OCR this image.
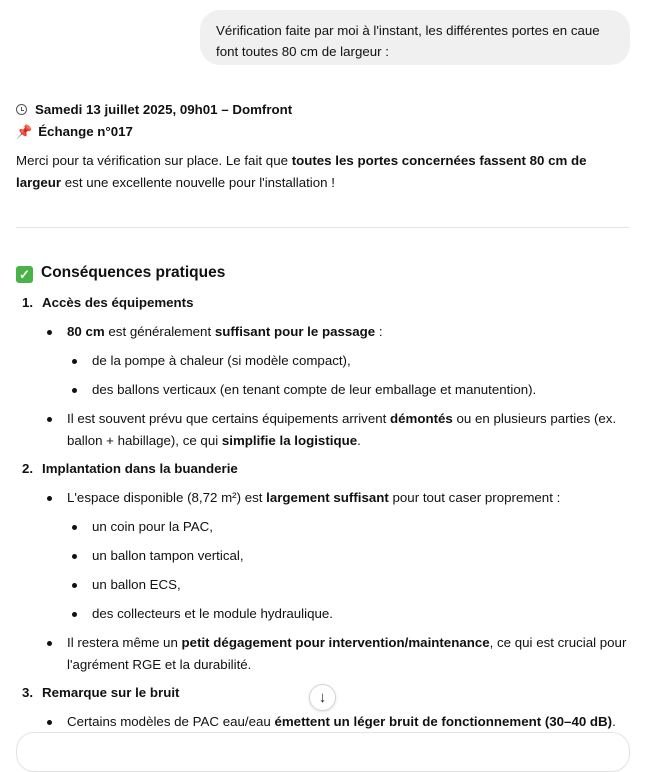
Vérification faite par moi à l'instant, les différentes portes en caue font toutes 80 cm de largeur :
Samedi 13 juillet 2025, 09h01 – Domfront
📌 Échange n°017
Merci pour ta vérification sur place. Le fait que toutes les portes concernées fassent 80 cm de largeur est une excellente nouvelle pour l'installation !
✓ Conséquences pratiques
1. Accès des équipements
80 cm est généralement suffisant pour le passage :
de la pompe à chaleur (si modèle compact),
des ballons verticaux (en tenant compte de leur emballage et manutention).
Il est souvent prévu que certains équipements arrivent démontés ou en plusieurs parties (ex. ballon + habillage), ce qui simplifie la logistique.
2. Implantation dans la buanderie
L'espace disponible (8,72 m²) est largement suffisant pour tout caser proprement :
un coin pour la PAC,
un ballon tampon vertical,
un ballon ECS,
des collecteurs et le module hydraulique.
Il restera même un petit dégagement pour intervention/maintenance, ce qui est crucial pour l'agrément RGE et la durabilité.
3. Remarque sur le bruit
Certains modèles de PAC eau/eau émettent un léger bruit de fonctionnement (30–40 dB).
↓
